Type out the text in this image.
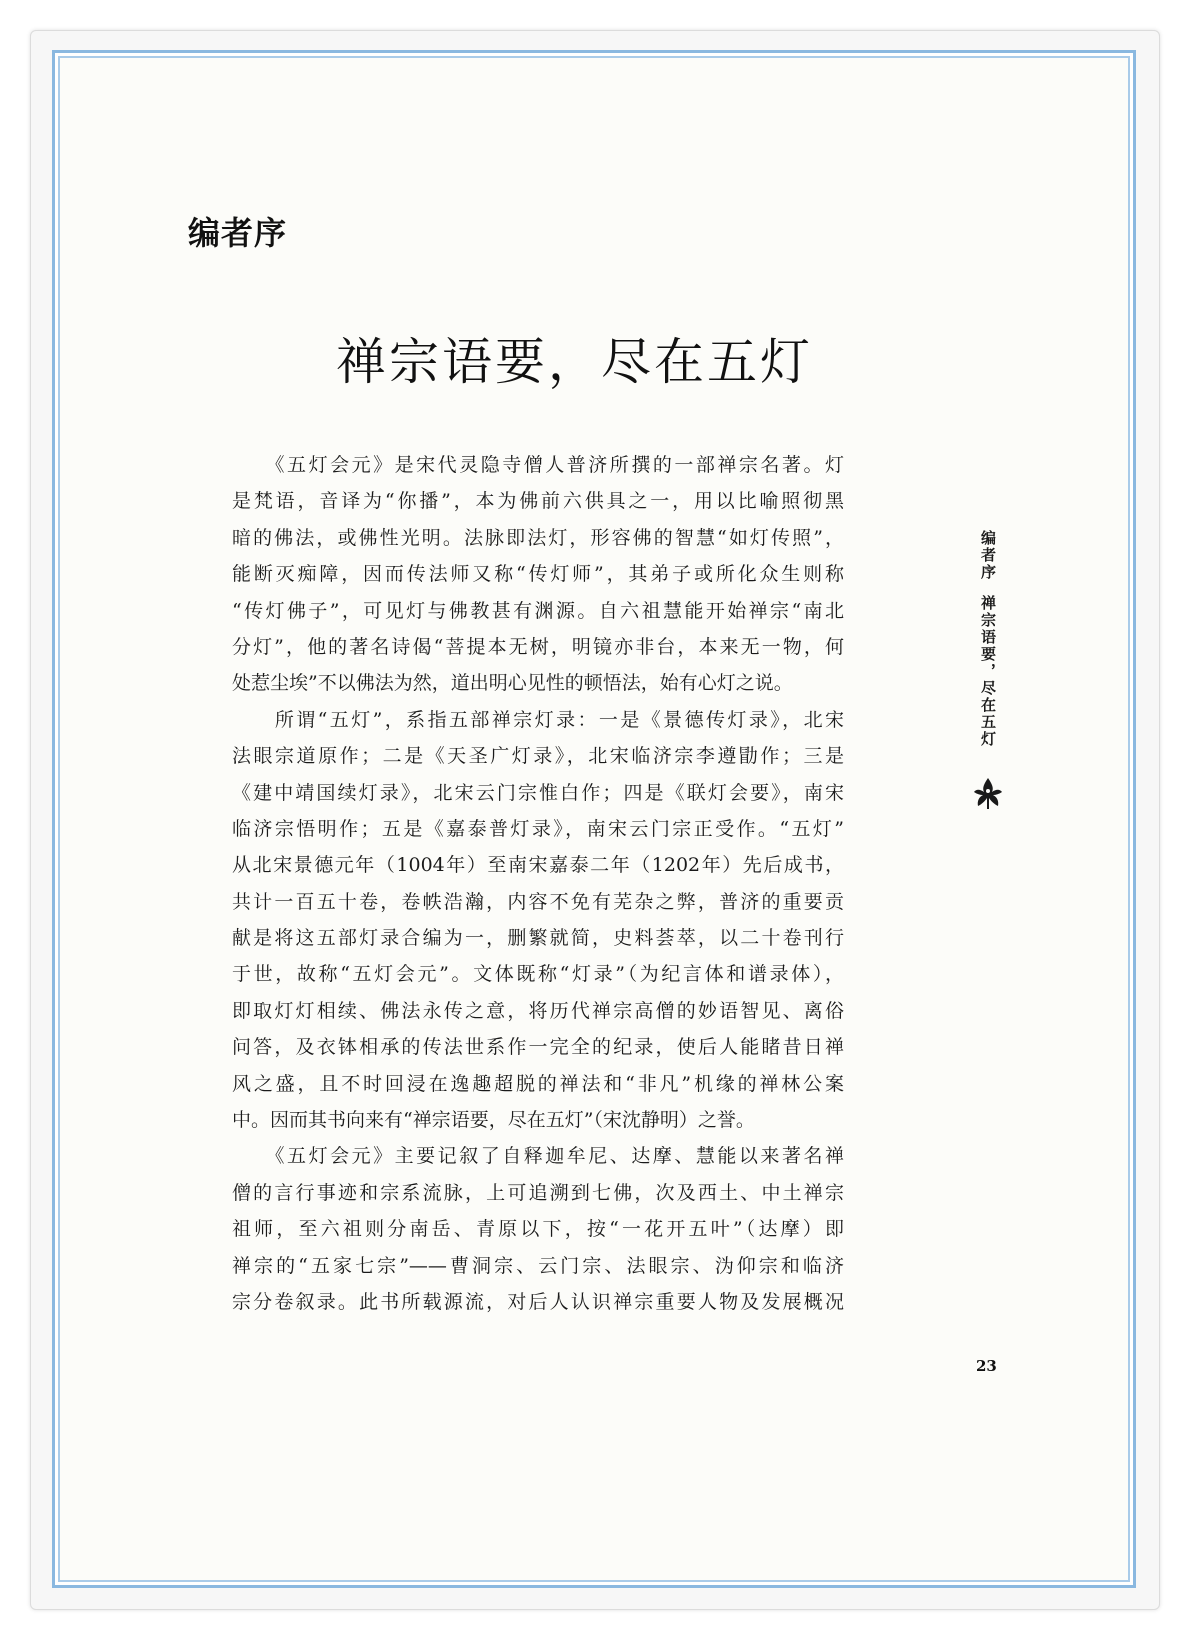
编者序
禅宗语要，尽在五灯
　　《五灯会元》是宋代灵隐寺僧人普济所撰的一部禅宗名著。灯
是梵语，音译为“你播”，本为佛前六供具之一，用以比喻照彻黑
暗的佛法，或佛性光明。法脉即法灯，形容佛的智慧“如灯传照”，
能断灭痴障，因而传法师又称“传灯师”，其弟子或所化众生则称
“传灯佛子”，可见灯与佛教甚有渊源。自六祖慧能开始禅宗“南北
分灯”，他的著名诗偈“菩提本无树，明镜亦非台，本来无一物，何
处惹尘埃”不以佛法为然，道出明心见性的顿悟法，始有心灯之说。
　　所谓“五灯”，系指五部禅宗灯录：一是《景德传灯录》，北宋
法眼宗道原作；二是《天圣广灯录》，北宋临济宗李遵勖作；三是
《建中靖国续灯录》，北宋云门宗惟白作；四是《联灯会要》，南宋
临济宗悟明作；五是《嘉泰普灯录》，南宋云门宗正受作。“五灯”
从北宋景德元年（1004年）至南宋嘉泰二年（1202年）先后成书，
共计一百五十卷，卷帙浩瀚，内容不免有芜杂之弊，普济的重要贡
献是将这五部灯录合编为一，删繁就简，史料荟萃，以二十卷刊行
于世，故称“五灯会元”。文体既称“灯录”（为纪言体和谱录体），
即取灯灯相续、佛法永传之意，将历代禅宗高僧的妙语智见、离俗
问答，及衣钵相承的传法世系作一完全的纪录，使后人能睹昔日禅
风之盛，且不时回浸在逸趣超脱的禅法和“非凡”机缘的禅林公案
中。因而其书向来有“禅宗语要，尽在五灯”（宋沈静明）之誉。
　　《五灯会元》主要记叙了自释迦牟尼、达摩、慧能以来著名禅
僧的言行事迹和宗系流脉，上可追溯到七佛，次及西土、中土禅宗
祖师，至六祖则分南岳、青原以下，按“一花开五叶”（达摩）即
禅宗的“五家七宗”——曹洞宗、云门宗、法眼宗、沩仰宗和临济
宗分卷叙录。此书所载源流，对后人认识禅宗重要人物及发展概况
编者序禅宗语要，尽在五灯
23
